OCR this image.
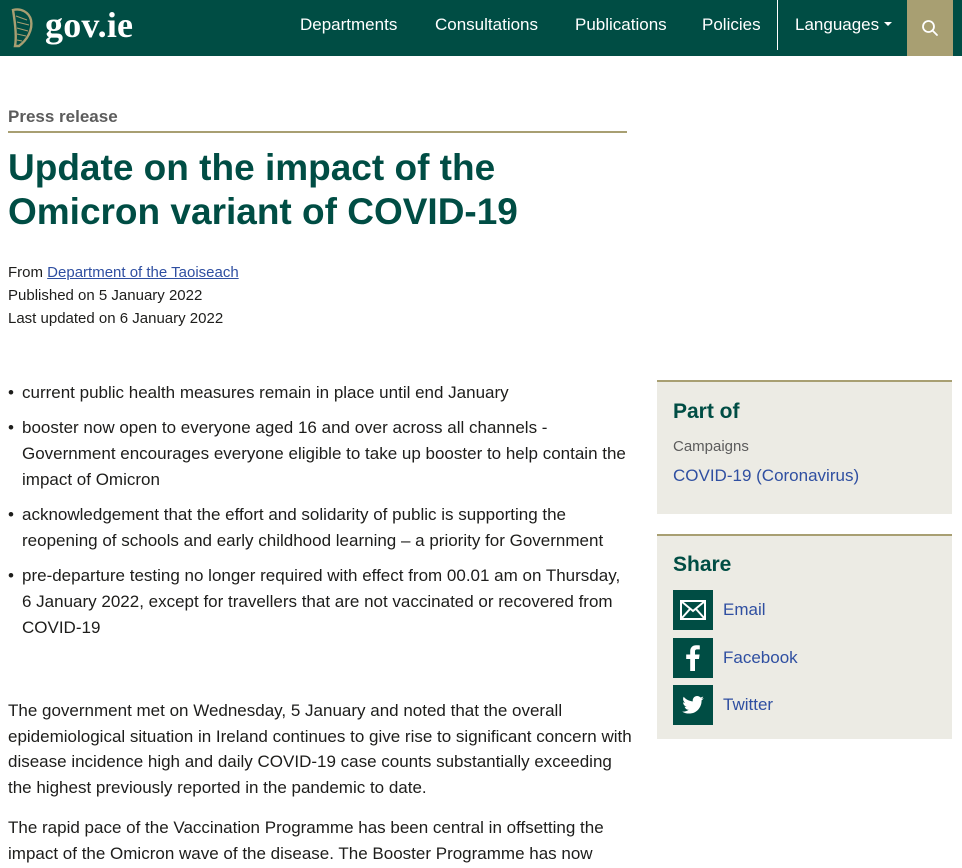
gov.ie	Departments Consultations Publications Policies Languages
Press release
Update on the impact of the Omicron variant of COVID-19
From Department of the Taoiseach
Published on 5 January 2022
Last updated on 6 January 2022
• current public health measures remain in place until end January
• booster now open to everyone aged 16 and over across all channels - Government encourages everyone eligible to take up booster to help contain the impact of Omicron
• acknowledgement that the effort and solidarity of public is supporting the reopening of schools and early childhood learning – a priority for Government
• pre-departure testing no longer required with effect from 00.01 am on Thursday, 6 January 2022, except for travellers that are not vaccinated or recovered from COVID-19

The government met on Wednesday, 5 January and noted that the overall epidemiological situation in Ireland continues to give rise to significant concern with disease incidence high and daily COVID-19 case counts substantially exceeding the highest previously reported in the pandemic to date.

The rapid pace of the Vaccination Programme has been central in offsetting the impact of the Omicron wave of the disease. The Booster Programme has now

Part of
Campaigns
COVID-19 (Coronavirus)
Share
Email
Facebook
Twitter
